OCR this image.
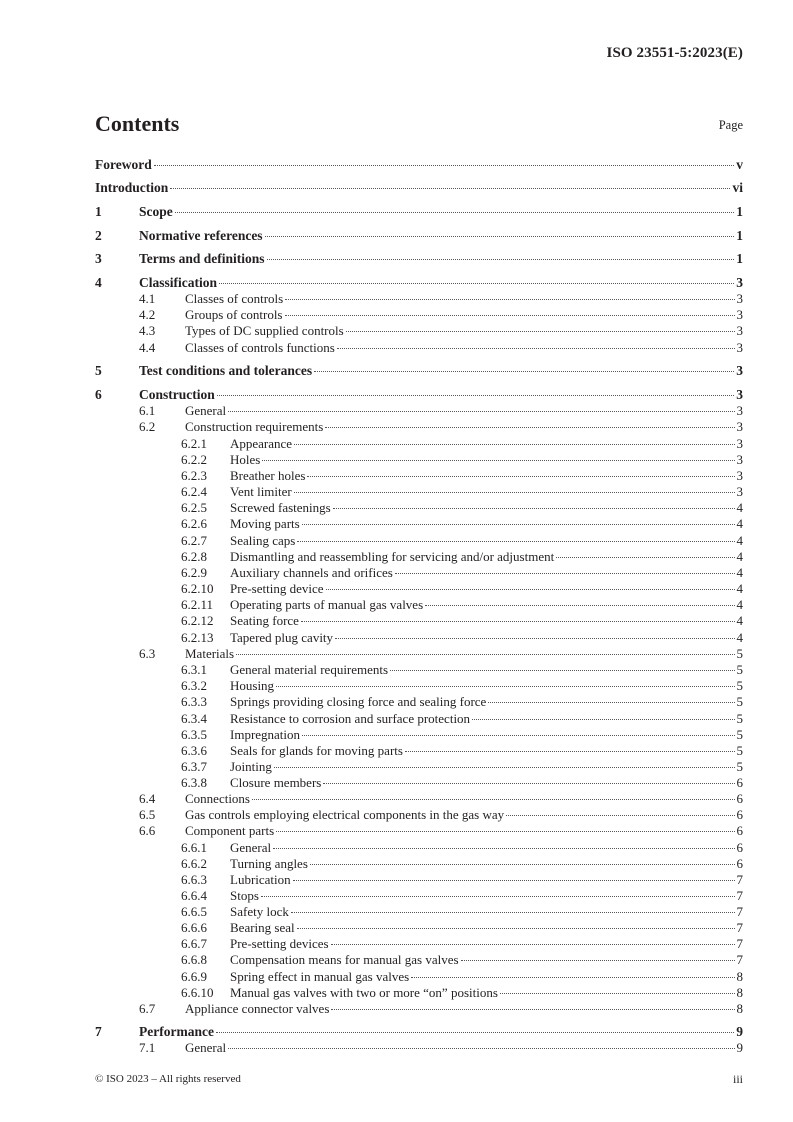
ISO 23551-5:2023(E)
Contents	Page
Foreword	v
Introduction	vi
1	Scope	1
2	Normative references	1
3	Terms and definitions	1
4	Classification	3
4.1	Classes of controls	3
4.2	Groups of controls	3
4.3	Types of DC supplied controls	3
4.4	Classes of controls functions	3
5	Test conditions and tolerances	3
6	Construction	3
6.1	General	3
6.2	Construction requirements	3
6.2.1	Appearance	3
6.2.2	Holes	3
6.2.3	Breather holes	3
6.2.4	Vent limiter	3
6.2.5	Screwed fastenings	4
6.2.6	Moving parts	4
6.2.7	Sealing caps	4
6.2.8	Dismantling and reassembling for servicing and/or adjustment	4
6.2.9	Auxiliary channels and orifices	4
6.2.10	Pre-setting device	4
6.2.11	Operating parts of manual gas valves	4
6.2.12	Seating force	4
6.2.13	Tapered plug cavity	4
6.3	Materials	5
6.3.1	General material requirements	5
6.3.2	Housing	5
6.3.3	Springs providing closing force and sealing force	5
6.3.4	Resistance to corrosion and surface protection	5
6.3.5	Impregnation	5
6.3.6	Seals for glands for moving parts	5
6.3.7	Jointing	5
6.3.8	Closure members	6
6.4	Connections	6
6.5	Gas controls employing electrical components in the gas way	6
6.6	Component parts	6
6.6.1	General	6
6.6.2	Turning angles	6
6.6.3	Lubrication	7
6.6.4	Stops	7
6.6.5	Safety lock	7
6.6.6	Bearing seal	7
6.6.7	Pre-setting devices	7
6.6.8	Compensation means for manual gas valves	7
6.6.9	Spring effect in manual gas valves	8
6.6.10	Manual gas valves with two or more “on” positions	8
6.7	Appliance connector valves	8
7	Performance	9
7.1	General	9
© ISO 2023 – All rights reserved	iii
